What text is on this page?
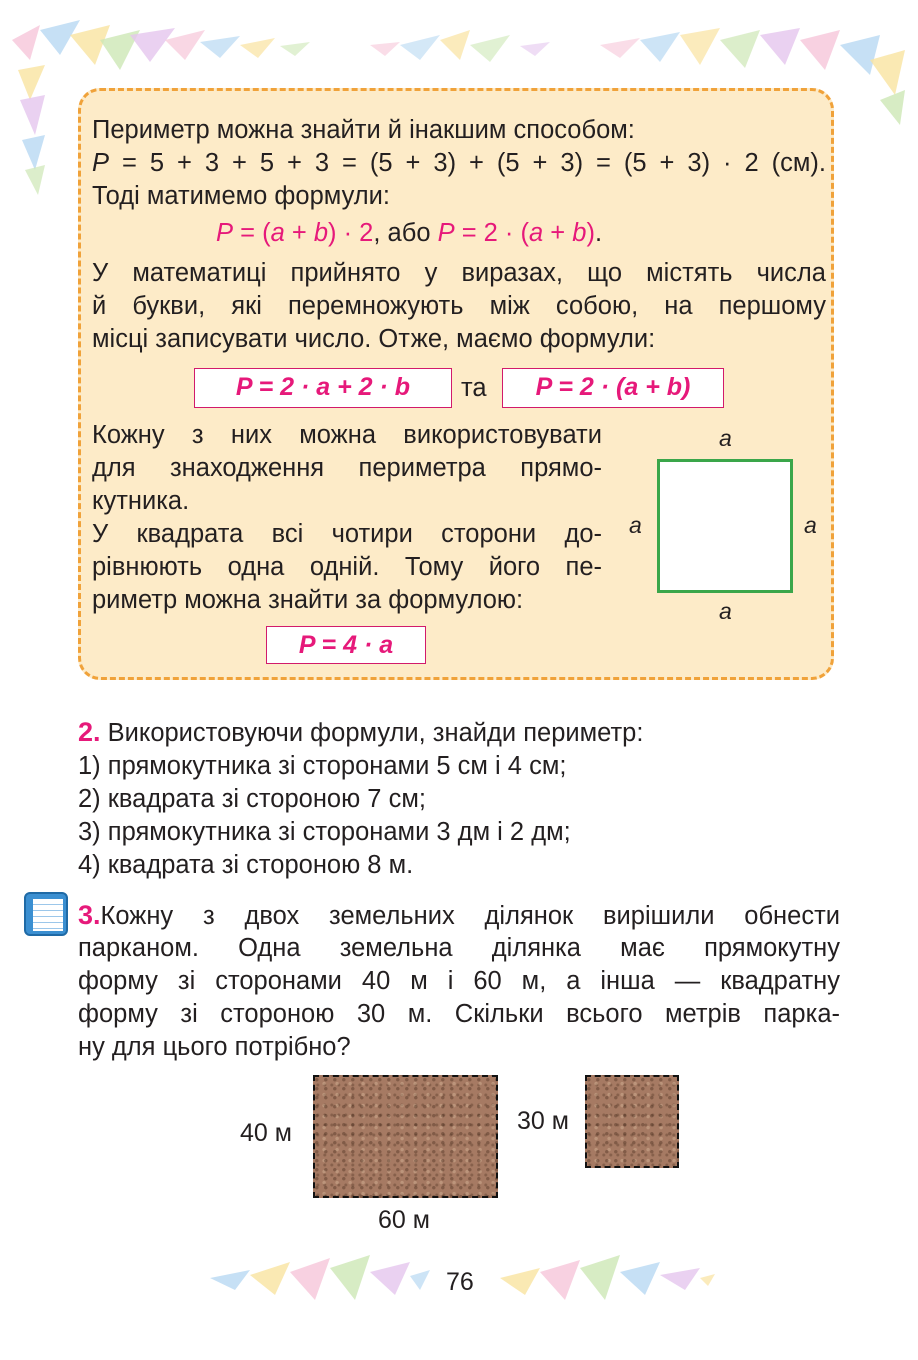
Периметр можна знайти й інакшим способом:
P = 5 + 3 + 5 + 3 = (5 + 3) + (5 + 3) = (5 + 3) · 2 (см).
Тоді матимемо формули:
P = (a + b) · 2, або P = 2 · (a + b).
У математиці прийнято у виразах, що містять числа
й букви, які перемножують між собою, на першому
місці записувати число. Отже, маємо формули:
P = 2 · a + 2 · b	та	P = 2 · (a + b)
Кожну з них можна використовувати
для знаходження периметра прямо-
кутника.
У квадрата всі чотири сторони до-
рівнюють одна одній. Тому його пе-
риметр можна знайти за формулою:
P = 4 · a
a
a	a
a
2. Використовуючи формули, знайди периметр:
1) прямокутника зі сторонами 5 см і 4 см;
2) квадрата зі стороною 7 см;
3) прямокутника зі сторонами 3 дм і 2 дм;
4) квадрата зі стороною 8 м.
3.Кожну з двох земельних ділянок вирішили обнести
парканом. Одна земельна ділянка має прямокутну
форму зі сторонами 40 м і 60 м, а інша — квадратну
форму зі стороною 30 м. Скільки всього метрів парка-
ну для цього потрібно?
40 м
60 м
30 м
76
